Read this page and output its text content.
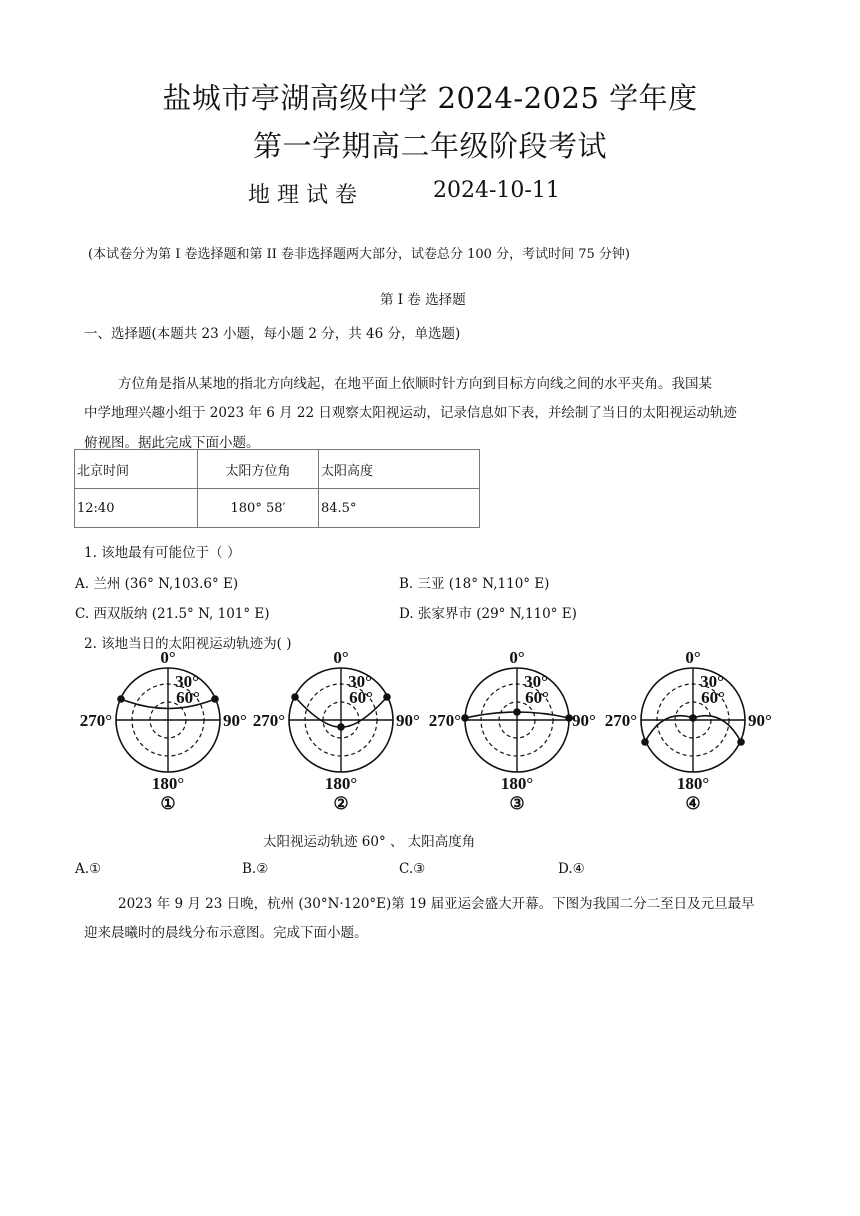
盐城市亭湖高级中学 2024-2025 学年度
第一学期高二年级阶段考试
地 理 试 卷	2024-10-11
(本试卷分为第 I 卷选择题和第 II 卷非选择题两大部分，试卷总分 100 分，考试时间 75 分钟)
第 I 卷 选择题
一、选择题(本题共 23 小题，每小题 2 分，共 46 分，单选题)
方位角是指从某地的指北方向线起，在地平面上依顺时针方向到目标方向线之间的水平夹角。我国某
中学地理兴趣小组于 2023 年 6 月 22 日观察太阳视运动，记录信息如下表，并绘制了当日的太阳视运动轨迹
俯视图。据此完成下面小题。
北京时间	太阳方位角	太阳高度
12:40	180° 58′	84.5°
1. 该地最有可能位于（ ）
A. 兰州 (36° N,103.6° E)	B. 三亚 (18° N,110° E)
C. 西双版纳 (21.5° N, 101° E)	D. 张家界市 (29° N,110° E)
2. 该地当日的太阳视运动轨迹为( )
0°
180°
270°	90°
30°
60°
①
0°
180°
270°	90°
30°
60°
②
0°
180°
270°	90°
30°
60°
③
0°
180°
270°	90°
30°
60°
④
太阳视运动轨迹 60° 、 太阳高度角
A.①	B.②	C.③	D.④
2023 年 9 月 23 日晚，杭州 (30°N·120°E)第 19 届亚运会盛大开幕。下图为我国二分二至日及元旦最早
迎来晨曦时的晨线分布示意图。完成下面小题。
